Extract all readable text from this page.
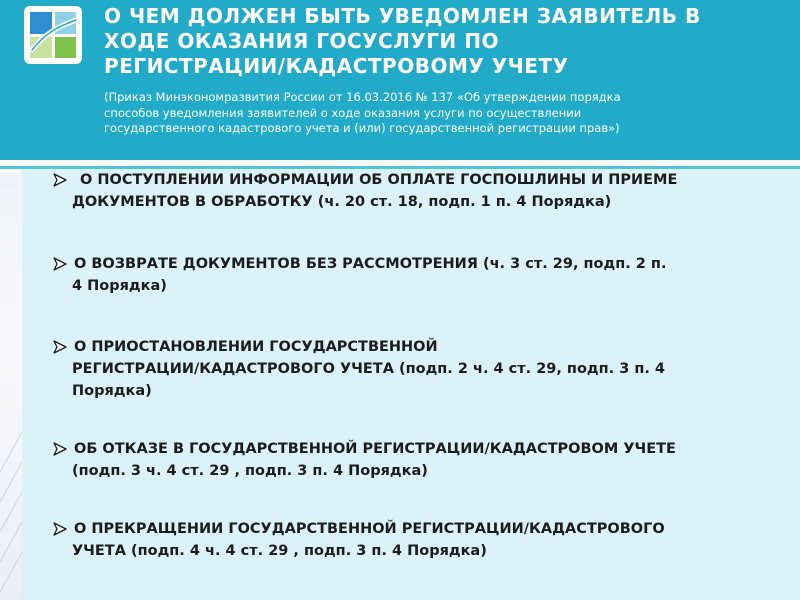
О ЧЕМ ДОЛЖЕН БЫТЬ УВЕДОМЛЕН ЗАЯВИТЕЛЬ В
ХОДЕ ОКАЗАНИЯ ГОСУСЛУГИ ПО
РЕГИСТРАЦИИ/КАДАСТРОВОМУ УЧЕТУ
(Приказ Минэкономразвития России от 16.03.2016 № 137 «Об утверждении порядка
способов уведомления заявителей о ходе оказания услуги по осуществлении
государственного кадастрового учета и (или) государственной регистрации прав»)
О ПОСТУПЛЕНИИ ИНФОРМАЦИИ ОБ ОПЛАТЕ ГОСПОШЛИНЫ И ПРИЕМЕ
ДОКУМЕНТОВ В ОБРАБОТКУ (ч. 20 ст. 18, подп. 1 п. 4 Порядка)
О ВОЗВРАТЕ ДОКУМЕНТОВ БЕЗ РАССМОТРЕНИЯ (ч. 3 ст. 29, подп. 2 п.
4 Порядка)
О ПРИОСТАНОВЛЕНИИ ГОСУДАРСТВЕННОЙ
РЕГИСТРАЦИИ/КАДАСТРОВОГО УЧЕТА (подп. 2 ч. 4 ст. 29, подп. 3 п. 4
Порядка)
ОБ ОТКАЗЕ В ГОСУДАРСТВЕННОЙ РЕГИСТРАЦИИ/КАДАСТРОВОМ УЧЕТЕ
(подп. 3 ч. 4 ст. 29 , подп. 3 п. 4 Порядка)
О ПРЕКРАЩЕНИИ ГОСУДАРСТВЕННОЙ РЕГИСТРАЦИИ/КАДАСТРОВОГО
УЧЕТА (подп. 4 ч. 4 ст. 29 , подп. 3 п. 4 Порядка)
